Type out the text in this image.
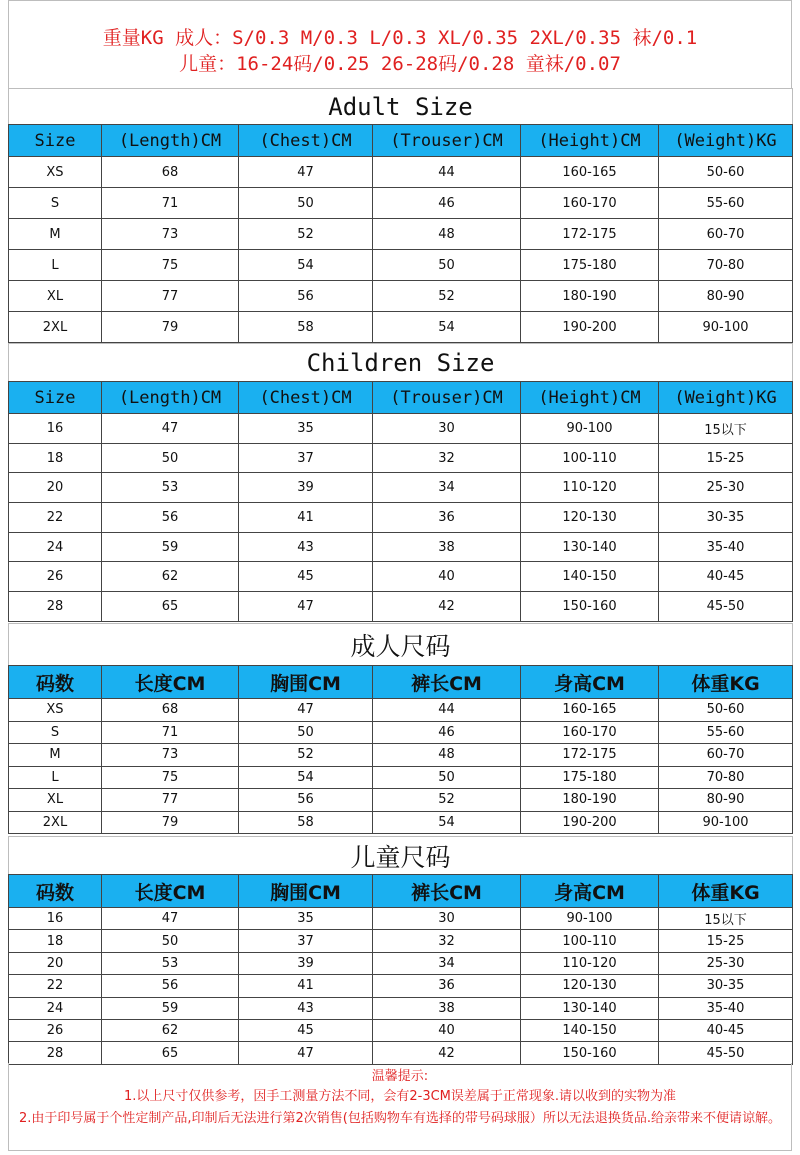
重量KG 成人：S/0.3 M/0.3 L/0.3 XL/0.35 2XL/0.35 袜/0.1
儿童：16-24码/0.25 26-28码/0.28 童袜/0.07
Adult Size					
Size	(Length)CM	(Chest)CM	(Trouser)CM	(Height)CM	(Weight)KG
XS	68	47	44	160-165	50-60
S	71	50	46	160-170	55-60
M	73	52	48	172-175	60-70
L	75	54	50	175-180	70-80
XL	77	56	52	180-190	80-90
2XL	79	58	54	190-200	90-100
Children Size					
Size	(Length)CM	(Chest)CM	(Trouser)CM	(Height)CM	(Weight)KG
16	47	35	30	90-100	15以下
18	50	37	32	100-110	15-25
20	53	39	34	110-120	25-30
22	56	41	36	120-130	30-35
24	59	43	38	130-140	35-40
26	62	45	40	140-150	40-45
28	65	47	42	150-160	45-50
成人尺码					
码数	长度CM	胸围CM	裤长CM	身高CM	体重KG
XS	68	47	44	160-165	50-60
S	71	50	46	160-170	55-60
M	73	52	48	172-175	60-70
L	75	54	50	175-180	70-80
XL	77	56	52	180-190	80-90
2XL	79	58	54	190-200	90-100
儿童尺码					
码数	长度CM	胸围CM	裤长CM	身高CM	体重KG
16	47	35	30	90-100	15以下
18	50	37	32	100-110	15-25
20	53	39	34	110-120	25-30
22	56	41	36	120-130	30-35
24	59	43	38	130-140	35-40
26	62	45	40	140-150	40-45
28	65	47	42	150-160	45-50
温馨提示:
1.以上尺寸仅供参考，因手工测量方法不同，会有2-3CM误差属于正常现象.请以收到的实物为准
2.由于印号属于个性定制产品,印制后无法进行第2次销售(包括购物车有选择的带号码球服）所以无法退换货品.给亲带来不便请谅解。
